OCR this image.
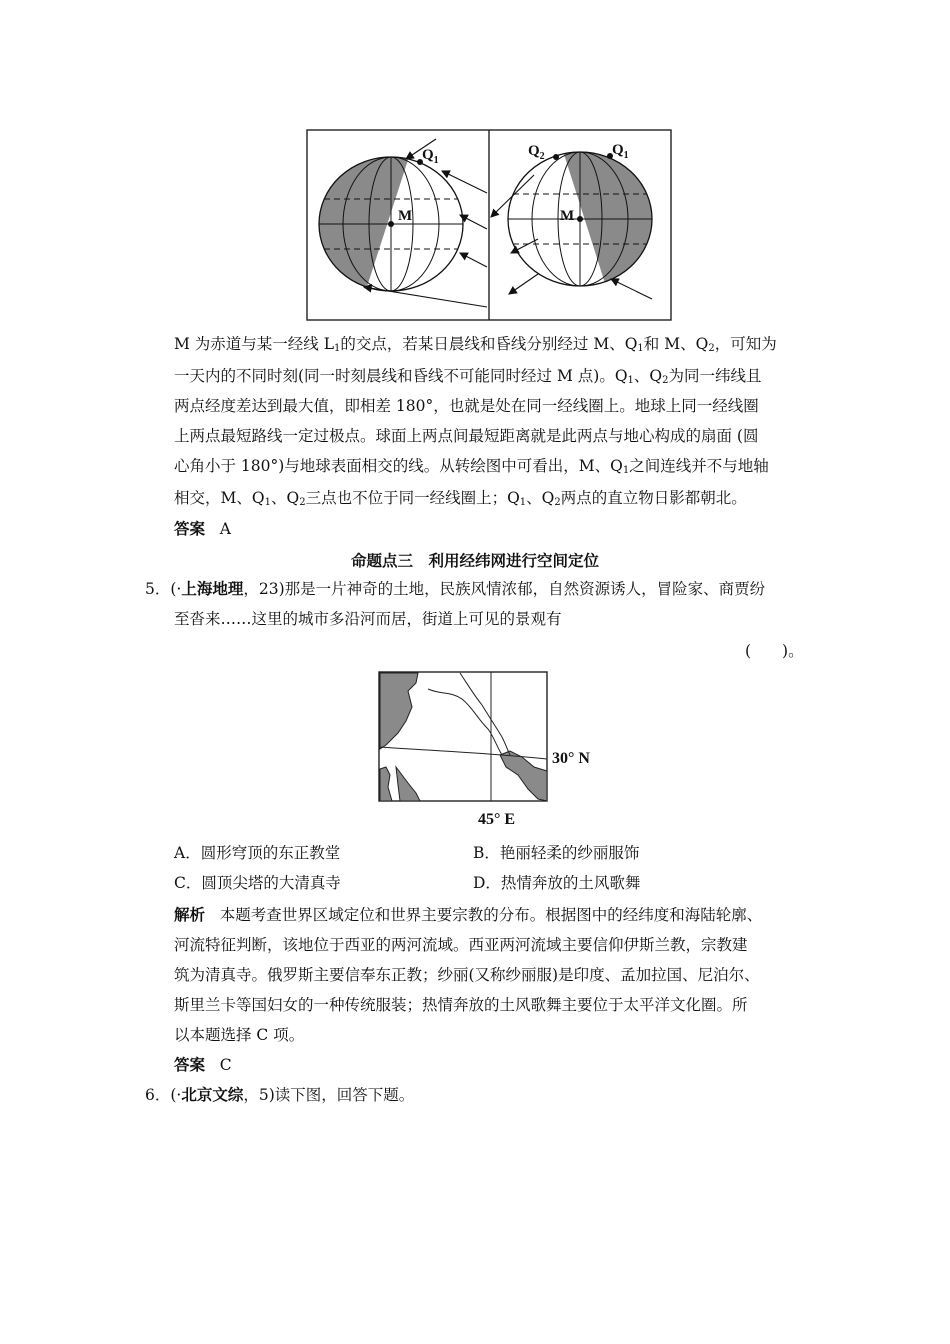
$Q_1$
M
$Q_2$	$Q_1$
M
M 为赤道与某一经线 $L_1$的交点，若某日晨线和昏线分别经过 M、$Q_1$和 M、$Q_2$，可知为
一天内的不同时刻(同一时刻晨线和昏线不可能同时经过 M 点)。$Q_1$、$Q_2$为同一纬线且
两点经度差达到最大值，即相差 180°，也就是处在同一经线圈上。地球上同一经线圈
上两点最短路线一定过极点。球面上两点间最短距离就是此两点与地心构成的扇面 (圆
心角小于 180°)与地球表面相交的线。从转绘图中可看出，M、$Q_1$之间连线并不与地轴
相交，M、$Q_1$、$Q_2$三点也不位于同一经线圈上；$Q_1$、$Q_2$两点的直立物日影都朝北。
答案 A
命题点三　利用经纬网进行空间定位
5．(·上海地理，23)那是一片神奇的土地，民族风情浓郁，自然资源诱人，冒险家、商贾纷
至沓来……这里的城市多沿河而居，街道上可见的景观有
(　　)。
30° N
45° E
A．圆形穹顶的东正教堂	B．艳丽轻柔的纱丽服饰
C．圆顶尖塔的大清真寺	D．热情奔放的土风歌舞
解析 本题考查世界区域定位和世界主要宗教的分布。根据图中的经纬度和海陆轮廓、
河流特征判断，该地位于西亚的两河流域。西亚两河流域主要信仰伊斯兰教，宗教建
筑为清真寺。俄罗斯主要信奉东正教；纱丽(又称纱丽服)是印度、孟加拉国、尼泊尔、
斯里兰卡等国妇女的一种传统服装；热情奔放的土风歌舞主要位于太平洋文化圈。所
以本题选择 C 项。
答案 C
6．(·北京文综，5)读下图，回答下题。
